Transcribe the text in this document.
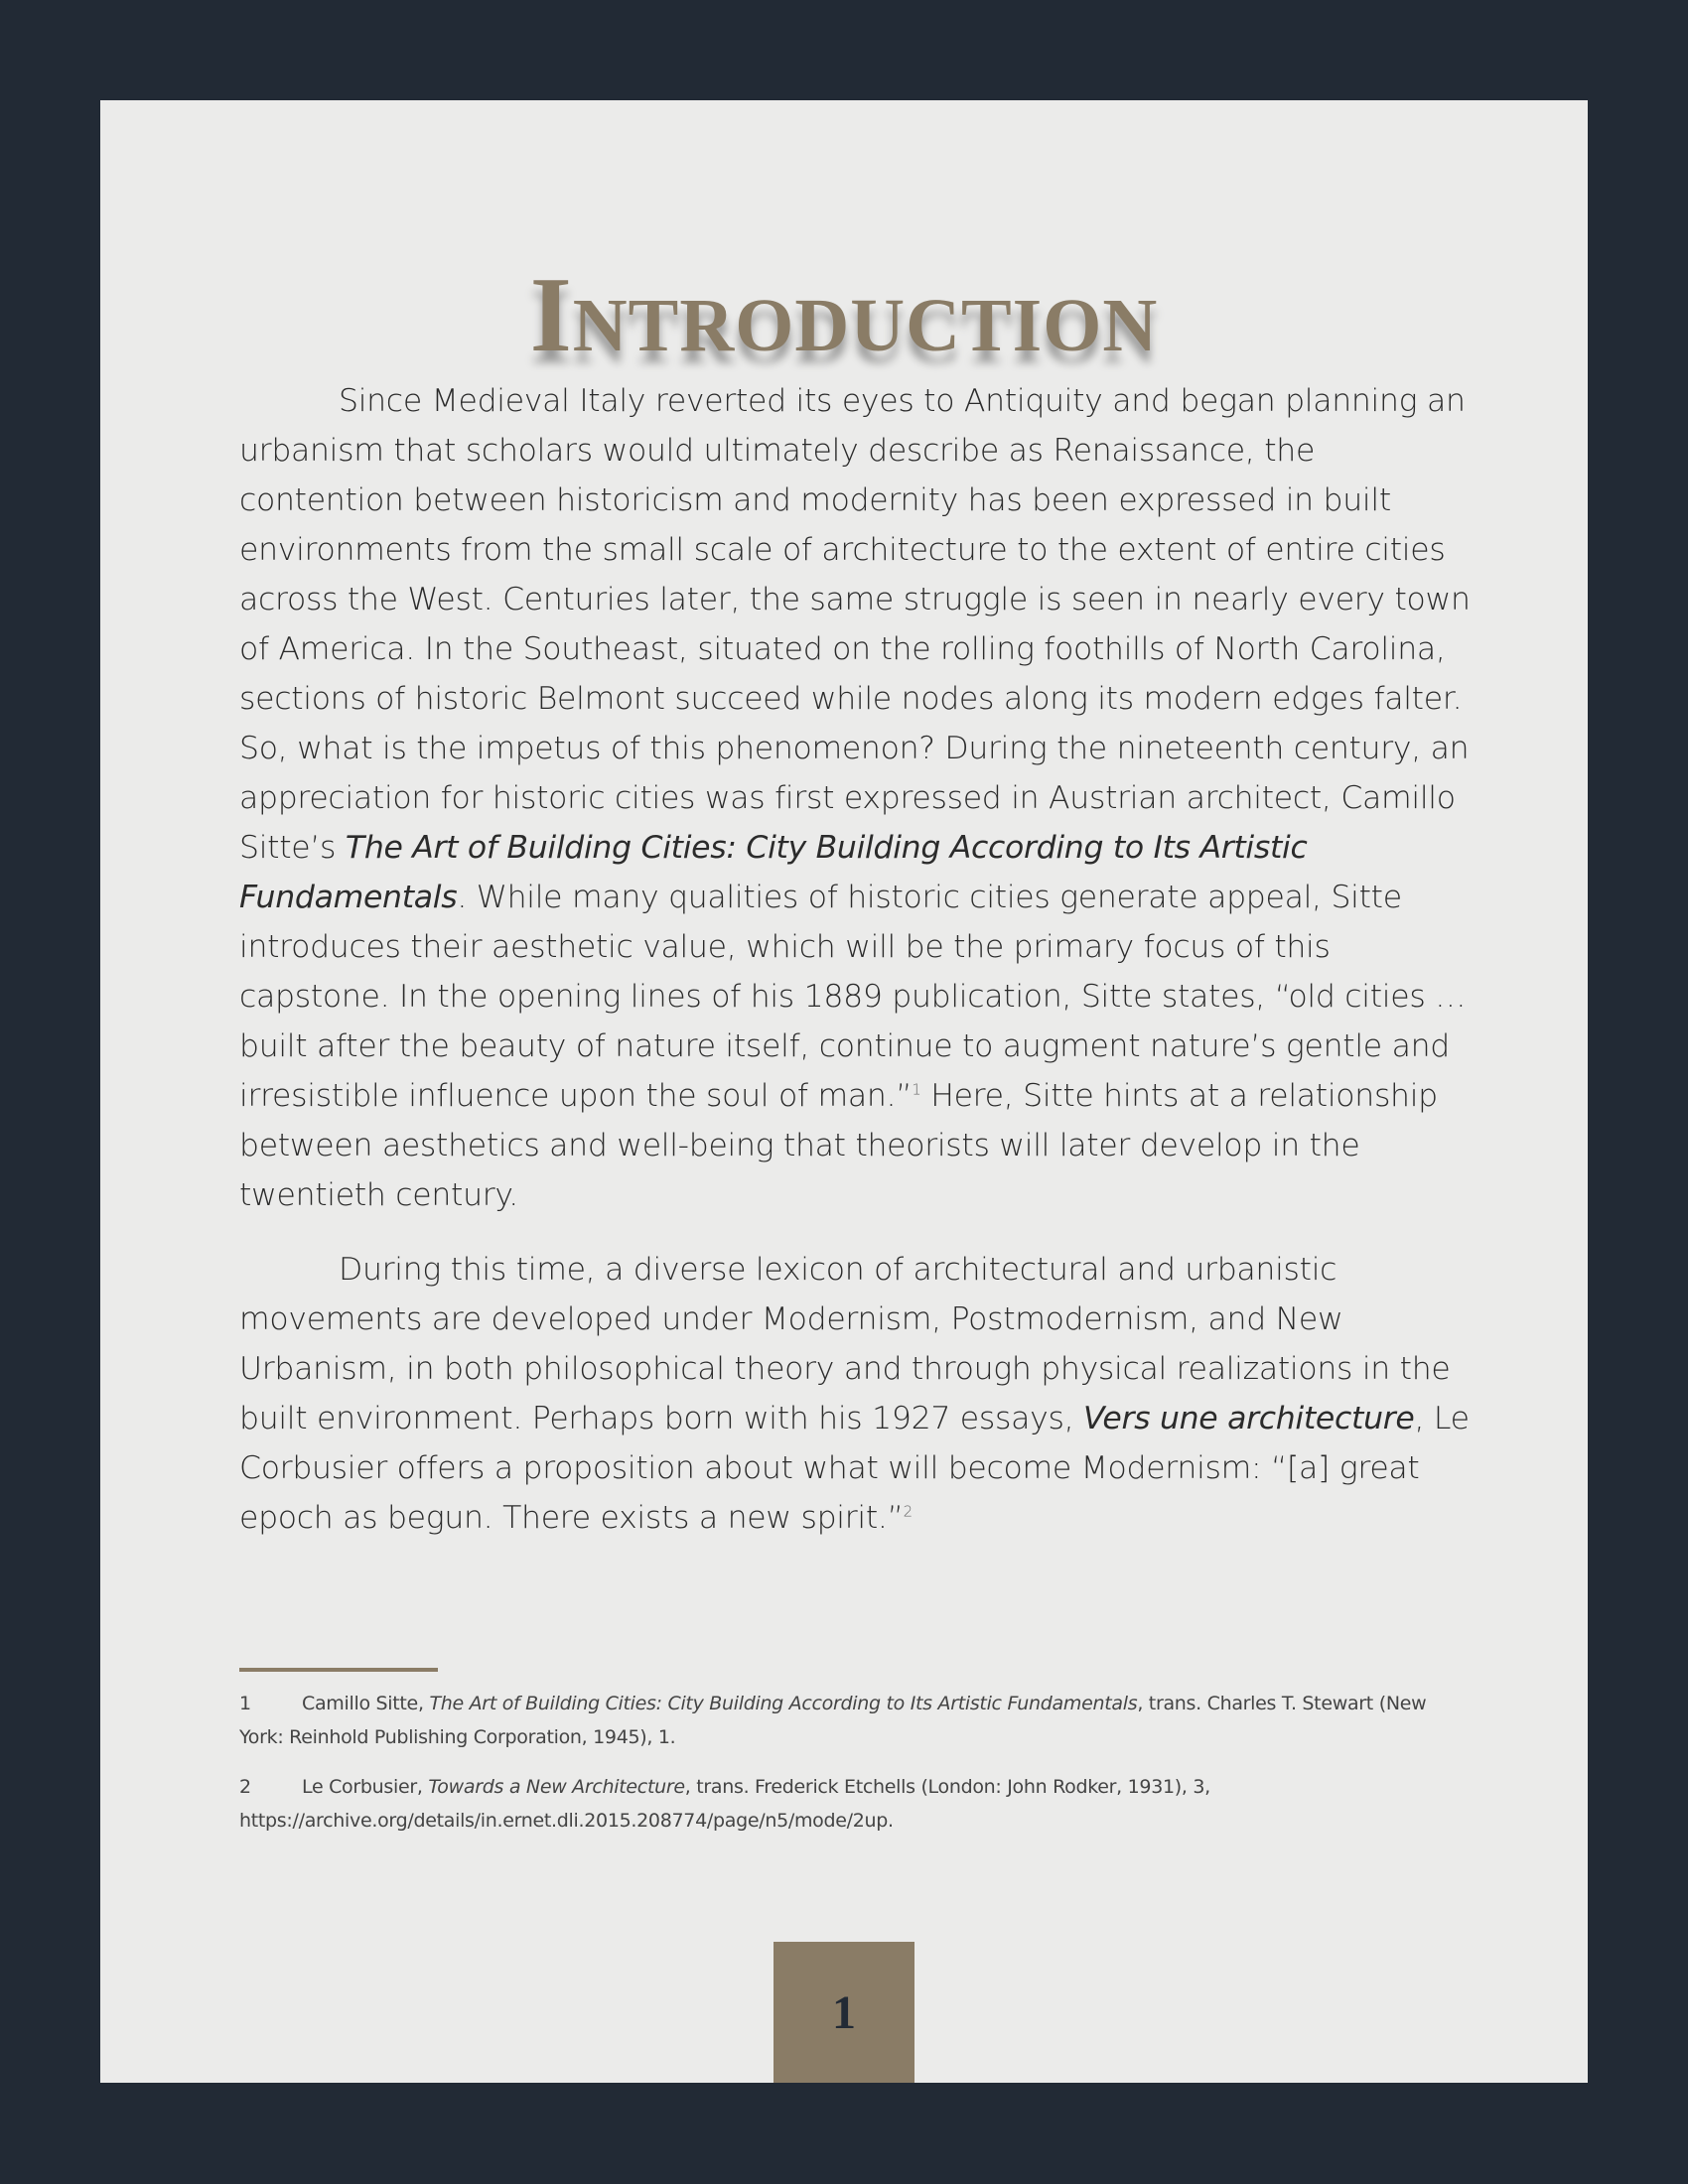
Introduction

Since Medieval Italy reverted its eyes to Antiquity and began planning an urbanism that scholars would ultimately describe as Renaissance, the contention between historicism and modernity has been expressed in built environments from the small scale of architecture to the extent of entire cities across the West. Centuries later, the same struggle is seen in nearly every town of America. In the Southeast, situated on the rolling foothills of North Carolina, sections of historic Belmont succeed while nodes along its modern edges falter. So, what is the impetus of this phenomenon? During the nineteenth century, an appreciation for historic cities was first expressed in Austrian architect, Camillo Sitte’s The Art of Building Cities: City Building According to Its Artistic Fundamentals. While many qualities of historic cities generate appeal, Sitte introduces their aesthetic value, which will be the primary focus of this capstone. In the opening lines of his 1889 publication, Sitte states, “old cities … built after the beauty of nature itself, continue to augment nature’s gentle and irresistible influence upon the soul of man.”$^1$ Here, Sitte hints at a relationship between aesthetics and well-being that theorists will later develop in the twentieth century.

During this time, a diverse lexicon of architectural and urbanistic movements are developed under Modernism, Postmodernism, and New Urbanism, in both philosophical theory and through physical realizations in the built environment. Perhaps born with his 1927 essays, Vers une architecture, Le Corbusier offers a proposition about what will become Modernism: “[a] great epoch as begun. There exists a new spirit.”$^2$

1	Camillo Sitte, The Art of Building Cities: City Building According to Its Artistic Fundamentals, trans. Charles T. Stewart (New York: Reinhold Publishing Corporation, 1945), 1.
2	Le Corbusier, Towards a New Architecture, trans. Frederick Etchells (London: John Rodker, 1931), 3, https://archive.org/details/in.ernet.dli.2015.208774/page/n5/mode/2up.
1
